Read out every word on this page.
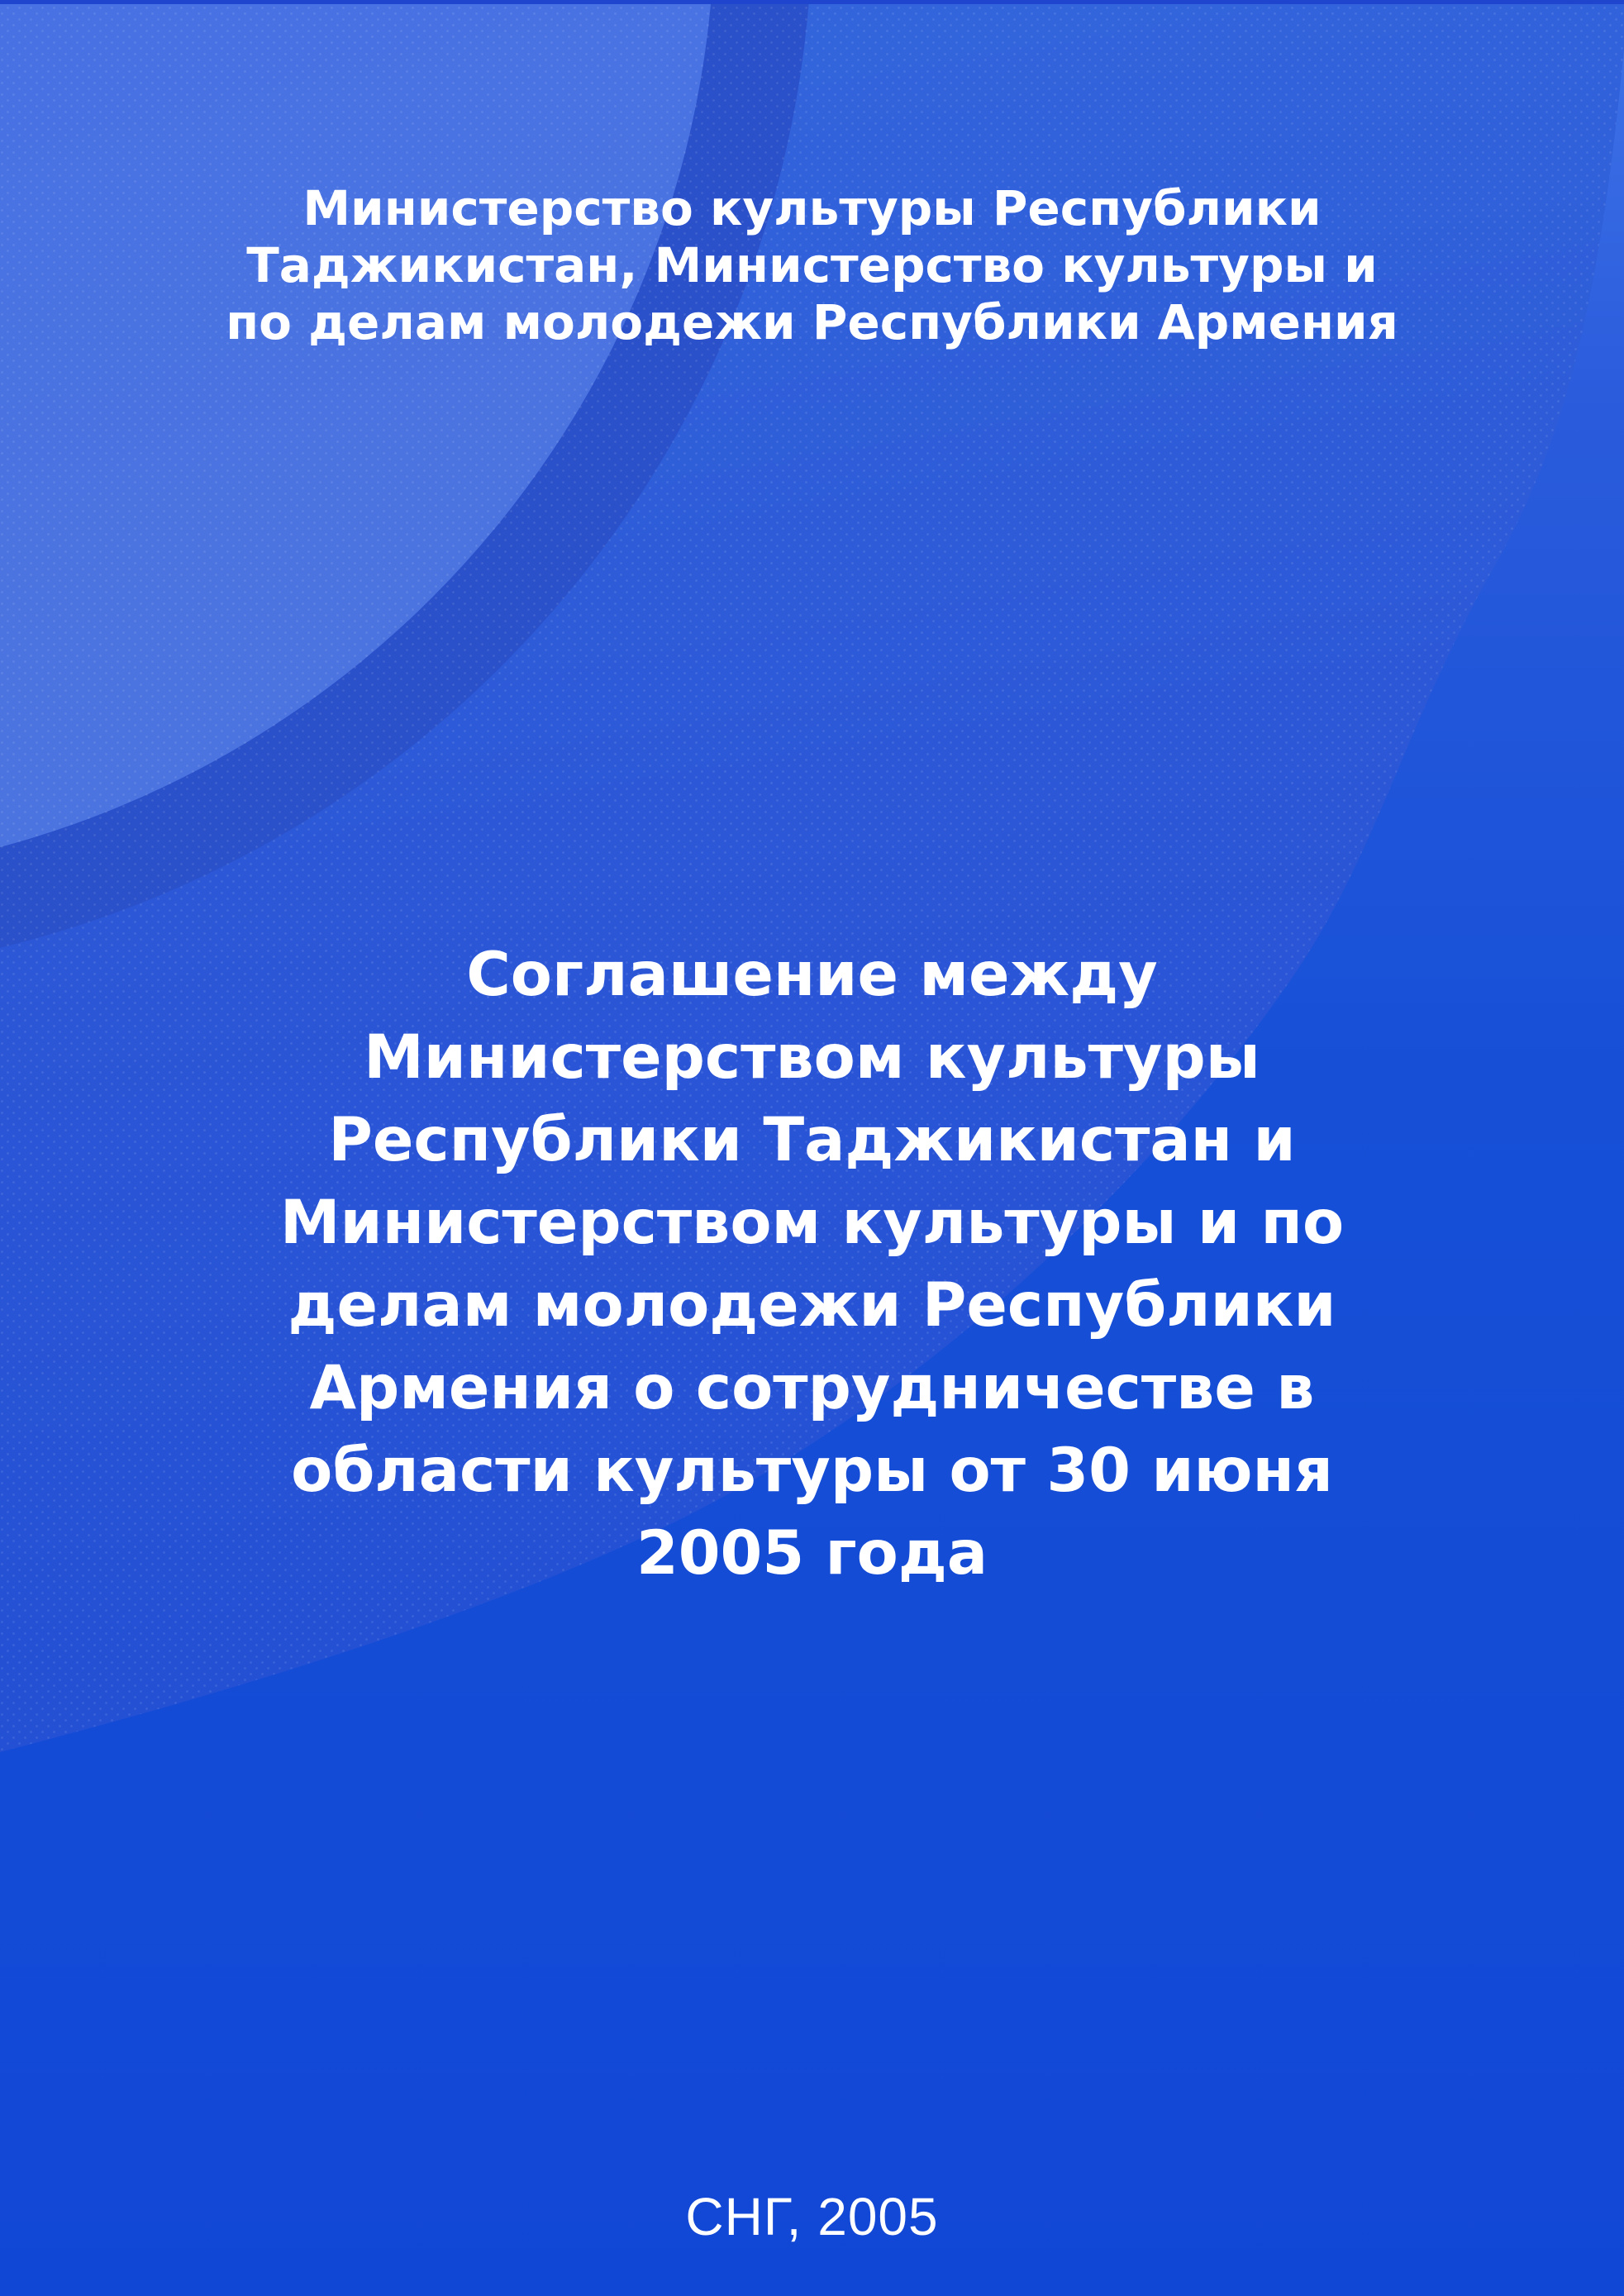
Министерство культуры Республики
Таджикистан, Министерство культуры и
по делам молодежи Республики Армения
Соглашение между
Министерством культуры
Республики Таджикистан и
Министерством культуры и по
делам молодежи Республики
Армения о сотрудничестве в
области культуры от 30 июня
2005 года
СНГ, 2005
